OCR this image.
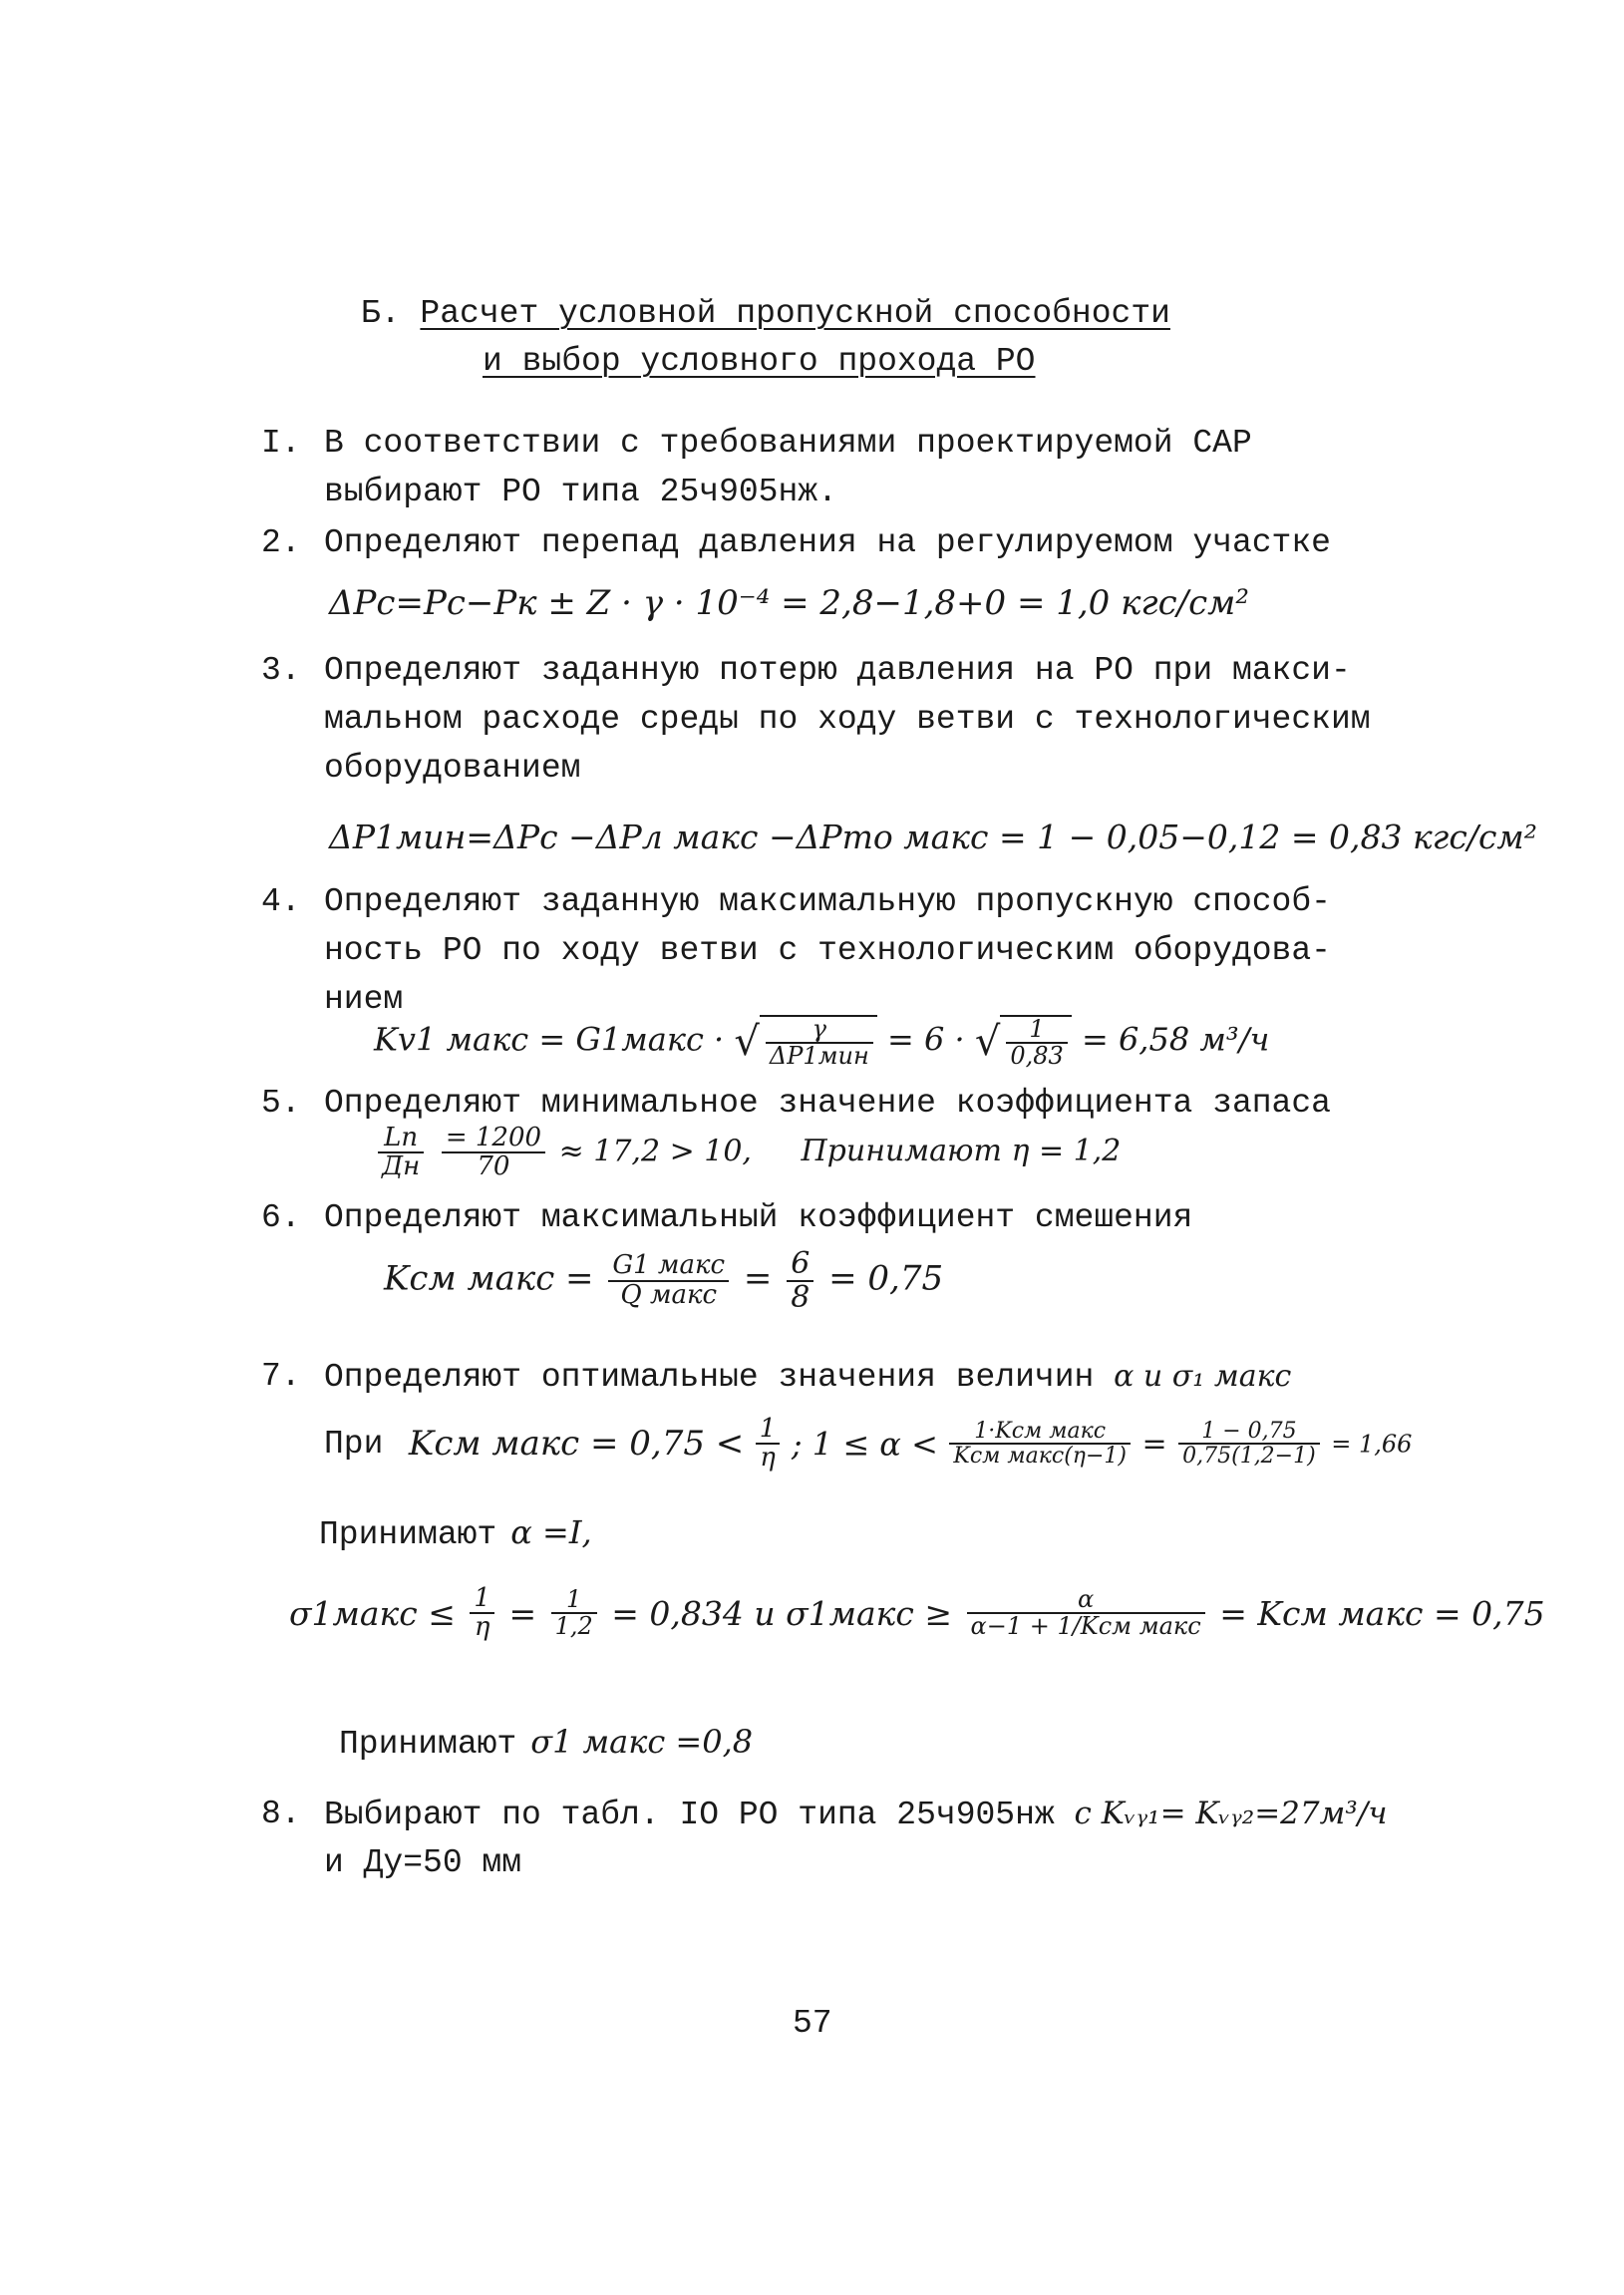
Б. Расчет условной пропускной способности
и выбор условного прохода РО
I. В соответствии с требованиями проектируемой САР
выбирают РО типа 25ч905нж.
2. Определяют перепад давления на регулируемом участке
ΔPc=Pc−Pк ± Z · γ · 10⁻⁴ = 2,8−1,8+0 = 1,0 кгс/см²
3. Определяют заданную потерю давления на РО при макси-
мальном расходе среды по ходу ветви с технологическим
оборудованием
ΔP1мин=ΔPc −ΔPл макс −ΔPто макс = 1 − 0,05−0,12 = 0,83 кгс/см²
4. Определяют заданную максимальную пропускную способ-
ность РО по ходу ветви с технологическим оборудова-
нием
Kv1 макс = G1макс · √ $\frac{\gamma}{\text{ΔP1мин}} = 6$ · √ $\frac{1}{0,83} = 6,58$ м³/ч
5. Определяют минимальное значение коэффициента запаса
$\frac{Lп}{Дн}$
$\frac{= 1200}{70} \approx 17,2 > 10$, Принимают η = 1,2
6. Определяют максимальный коэффициент смешения
Kсм макс = $\frac{\text{G1 макс}}{\text{Q макс}} = \frac{6}{8} = 0,75$
7. Определяют оптимальные значения величин α и σ₁ макс
При Kсм макс = $0,75 < \frac{1}{\eta}$ ; $1 \le \alpha < \frac{\text{1·Kсм макс}}{\text{Kсм макс(η−1)}} = \frac{1 - 0,75}{0,75(1,2-1)} = 1,66$
Принимают α =I,
σ1макс ≤ $\frac{1}{\eta} = \frac{1}{1,2} = 0,834$ и σ1макс ≥ $\frac{\alpha}{\text{α−1 + 1/Kсм макс}}$ = Kсм макс = 0,75
Принимают σ1 макс =0,8
8. Выбирают по табл. IO РО типа 25ч905нж с Kᵥᵧ₁= Kᵥᵧ₂=27м³/ч
и Ду=50 мм
57
